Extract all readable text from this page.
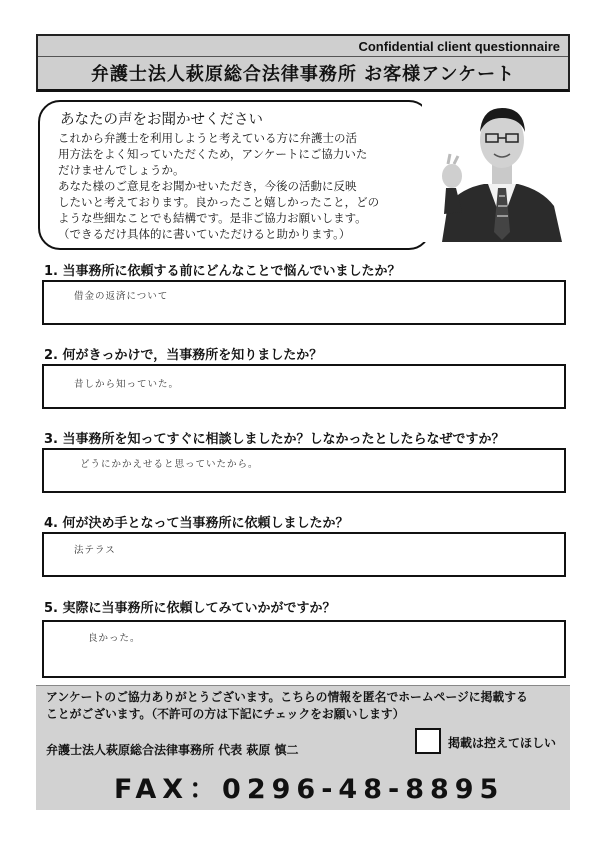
Confidential client questionnaire
弁護士法人萩原総合法律事務所 お客様アンケート
あなたの声をお聞かせください

これから弁護士を利用しようと考えている方に弁護士の活

用方法をよく知っていただくため，アンケートにご協力いた

だけませんでしょうか。

あなた様のご意見をお聞かせいただき，今後の活動に反映

したいと考えております。良かったこと嬉しかったこと，どの

ような些細なことでも結構です。是非ご協力お願いします。

（できるだけ具体的に書いていただけると助かります。）

1. 当事務所に依頼する前にどんなことで悩んでいましたか？
借金の返済について
2. 何がきっかけで，当事務所を知りましたか？
昔しから知っていた。
3. 当事務所を知ってすぐに相談しましたか？しなかったとしたらなぜですか？
どうにかかえせると思っていたから。
4. 何が決め手となって当事務所に依頼しましたか？
法テラス
5. 実際に当事務所に依頼してみていかがですか？
良かった。

アンケートのご協力ありがとうございます。こちらの情報を匿名でホームページに掲載する

ことがございます。（不許可の方は下記にチェックをお願いします）

弁護士法人萩原総合法律事務所 代表 萩原 慎二	掲載は控えてほしい
FAX：0296-48-8895
